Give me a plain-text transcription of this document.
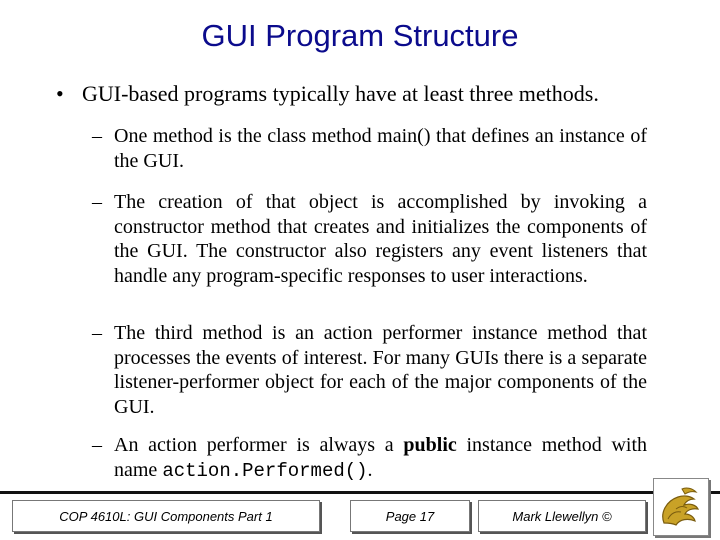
GUI Program Structure
• GUI-based programs typically have at least three methods.
– One method is the class method main() that defines an instance of the GUI.
– The creation of that object is accomplished by invoking a constructor method that creates and initializes the components of the GUI. The constructor also registers any event listeners that handle any program-specific responses to user interactions.
– The third method is an action performer instance method that processes the events of interest. For many GUIs there is a separate listener-performer object for each of the major components of the GUI.
– An action performer is always a public instance method with name action.Performed().
COP 4610L: GUI Components Part 1	Page 17	Mark Llewellyn ©
